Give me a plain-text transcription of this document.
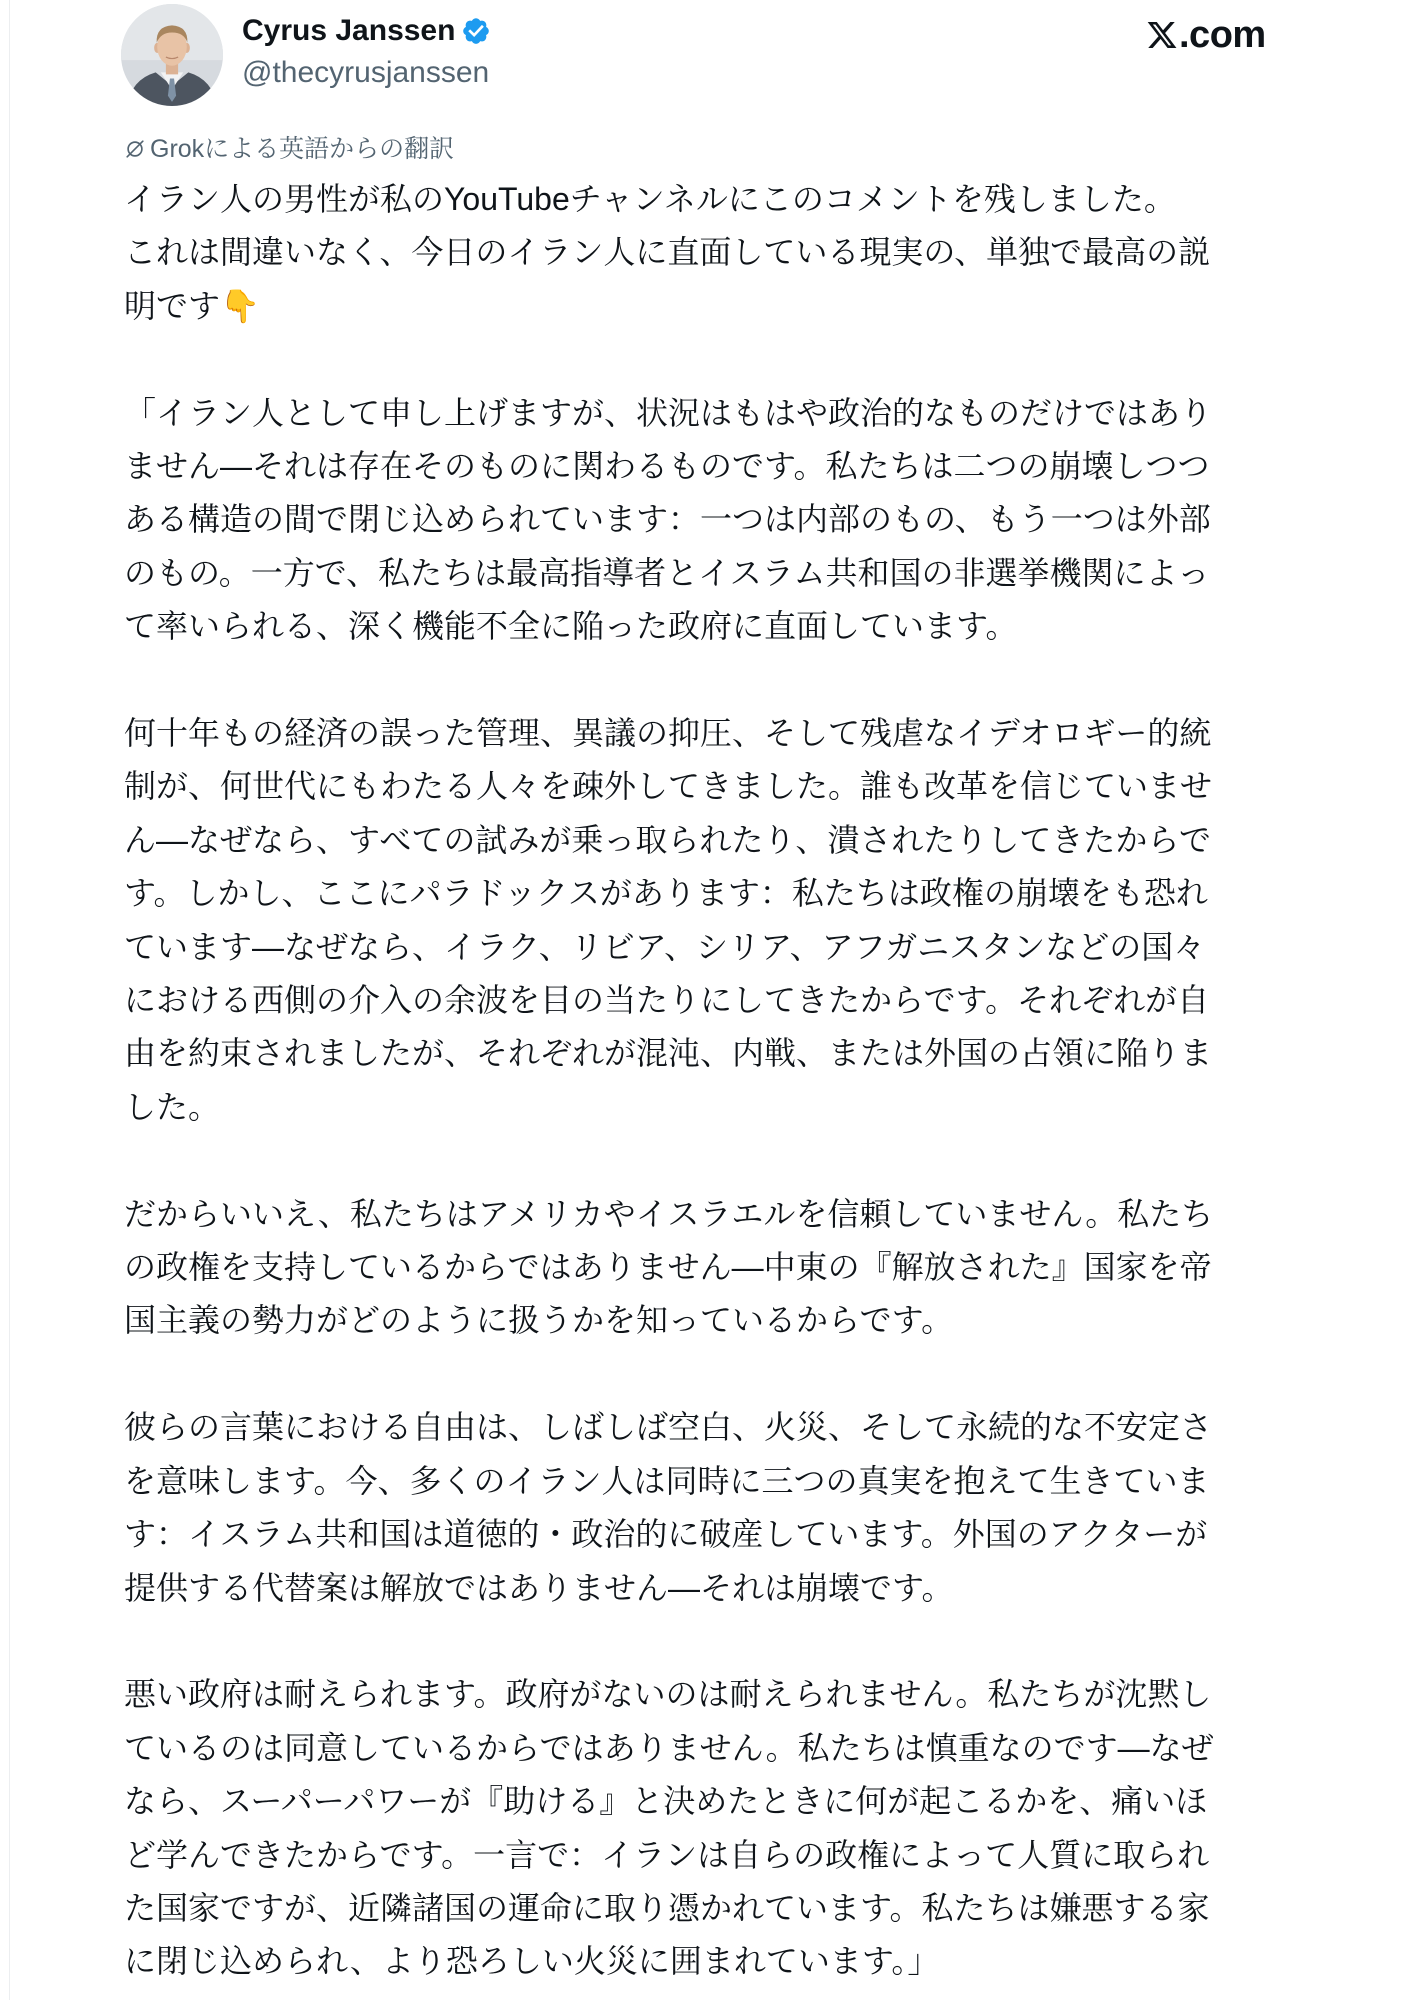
Cyrus Janssen
@thecyrusjanssen
.com
Grokによる英語からの翻訳
イラン人の男性が私のYouTubeチャンネルにこのコメントを残しました。
これは間違いなく、今日のイラン人に直面している現実の、単独で最高の説
明です👇
「イラン人として申し上げますが、状況はもはや政治的なものだけではあり
ません—それは存在そのものに関わるものです。私たちは二つの崩壊しつつ
ある構造の間で閉じ込められています：一つは内部のもの、もう一つは外部
のもの。一方で、私たちは最高指導者とイスラム共和国の非選挙機関によっ
て率いられる、深く機能不全に陥った政府に直面しています。
何十年もの経済の誤った管理、異議の抑圧、そして残虐なイデオロギー的統
制が、何世代にもわたる人々を疎外してきました。誰も改革を信じていませ
ん—なぜなら、すべての試みが乗っ取られたり、潰されたりしてきたからで
す。しかし、ここにパラドックスがあります：私たちは政権の崩壊をも恐れ
ています—なぜなら、イラク、リビア、シリア、アフガニスタンなどの国々
における西側の介入の余波を目の当たりにしてきたからです。それぞれが自
由を約束されましたが、それぞれが混沌、内戦、または外国の占領に陥りま
した。
だからいいえ、私たちはアメリカやイスラエルを信頼していません。私たち
の政権を支持しているからではありません—中東の『解放された』国家を帝
国主義の勢力がどのように扱うかを知っているからです。
彼らの言葉における自由は、しばしば空白、火災、そして永続的な不安定さ
を意味します。今、多くのイラン人は同時に三つの真実を抱えて生きていま
す：イスラム共和国は道徳的・政治的に破産しています。外国のアクターが
提供する代替案は解放ではありません—それは崩壊です。
悪い政府は耐えられます。政府がないのは耐えられません。私たちが沈黙し
ているのは同意しているからではありません。私たちは慎重なのです—なぜ
なら、スーパーパワーが『助ける』と決めたときに何が起こるかを、痛いほ
ど学んできたからです。一言で：イランは自らの政権によって人質に取られ
た国家ですが、近隣諸国の運命に取り憑かれています。私たちは嫌悪する家
に閉じ込められ、より恐ろしい火災に囲まれています。」
